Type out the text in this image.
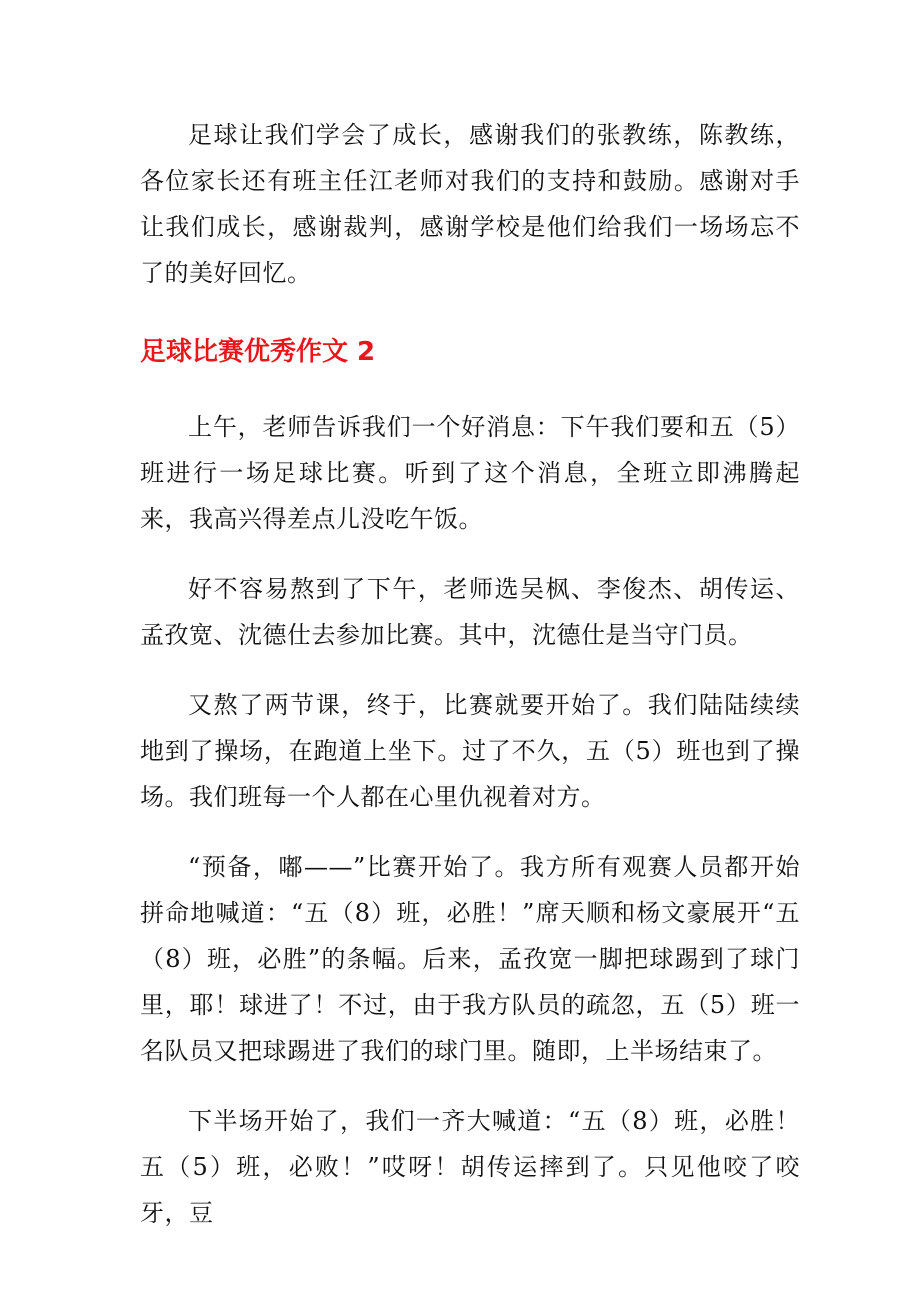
足球让我们学会了成长，感谢我们的张教练，陈教练，各位家长还有班主任江老师对我们的支持和鼓励。感谢对手让我们成长，感谢裁判，感谢学校是他们给我们一场场忘不了的美好回忆。

足球比赛优秀作文 2

上午，老师告诉我们一个好消息：下午我们要和五（5）班进行一场足球比赛。听到了这个消息，全班立即沸腾起来，我高兴得差点儿没吃午饭。

好不容易熬到了下午，老师选吴枫、李俊杰、胡传运、孟孜宽、沈德仕去参加比赛。其中，沈德仕是当守门员。

又熬了两节课，终于，比赛就要开始了。我们陆陆续续地到了操场，在跑道上坐下。过了不久，五（5）班也到了操场。我们班每一个人都在心里仇视着对方。

“预备，嘟——”比赛开始了。我方所有观赛人员都开始拼命地喊道：“五（8）班，必胜！”席天顺和杨文豪展开“五（8）班，必胜”的条幅。后来，孟孜宽一脚把球踢到了球门里，耶！球进了！不过，由于我方队员的疏忽，五（5）班一名队员又把球踢进了我们的球门里。随即，上半场结束了。

下半场开始了，我们一齐大喊道：“五（8）班，必胜！五（5）班，必败！”哎呀！胡传运摔到了。只见他咬了咬牙，豆
